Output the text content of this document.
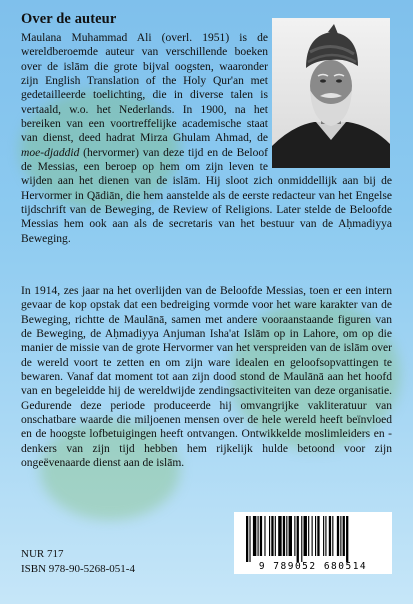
Over de auteur

Maulana Muhammad Ali (overl. 1951) is de wereldberoemde auteur van verschillende boeken over de islām die grote bijval oogsten, waaronder zijn English Translation of the Holy Qur'an met gedetailleerde toelichting, die in diverse talen is vertaald, w.o. het Nederlands. In 1900, na het bereiken van een voortreffelijke academische staat van dienst, deed hadrat Mirza Ghulam Ahmad, de moe-djaddid (hervormer) van deze tijd en de Beloof de Messias, een beroep op hem om zijn leven te wijden aan het dienen van de islām. Hij sloot zich onmiddellijk aan bij de Hervormer in Qādiān, die hem aanstelde als de eerste redacteur van het Engelse tijdschrift van de Beweging, de Review of Religions. Later stelde de Beloofde Messias hem ook aan als de secretaris van het bestuur van de Aḥmadiyya Beweging.

In 1914, zes jaar na het overlijden van de Beloofde Messias, toen er een intern gevaar de kop opstak dat een bedreiging vormde voor het ware karakter van de Beweging, richtte de Maulānā, samen met andere vooraanstaande figuren van de Beweging, de Aḥmadiyya Anjuman Isha'at Islām op in Lahore, om op die manier de missie van de grote Hervormer van het verspreiden van de islām over de wereld voort te zetten en om zijn ware idealen en geloofsopvattingen te bewaren. Vanaf dat moment tot aan zijn dood stond de Maulānā aan het hoofd van en begeleidde hij de wereldwijde zendingsactiviteiten van deze organisatie. Gedurende deze periode produceerde hij omvangrijke vakliteratuur van onschatbare waarde die miljoenen mensen over de hele wereld heeft beïnvloed en de hoogste lofbetuigingen heeft ontvangen. Ontwikkelde moslimleiders en -denkers van zijn tijd hebben hem rijkelijk hulde betoond voor zijn ongeëvenaarde dienst aan de islām.

NUR 717
ISBN 978-90-5268-051-4	9 789052 680514
